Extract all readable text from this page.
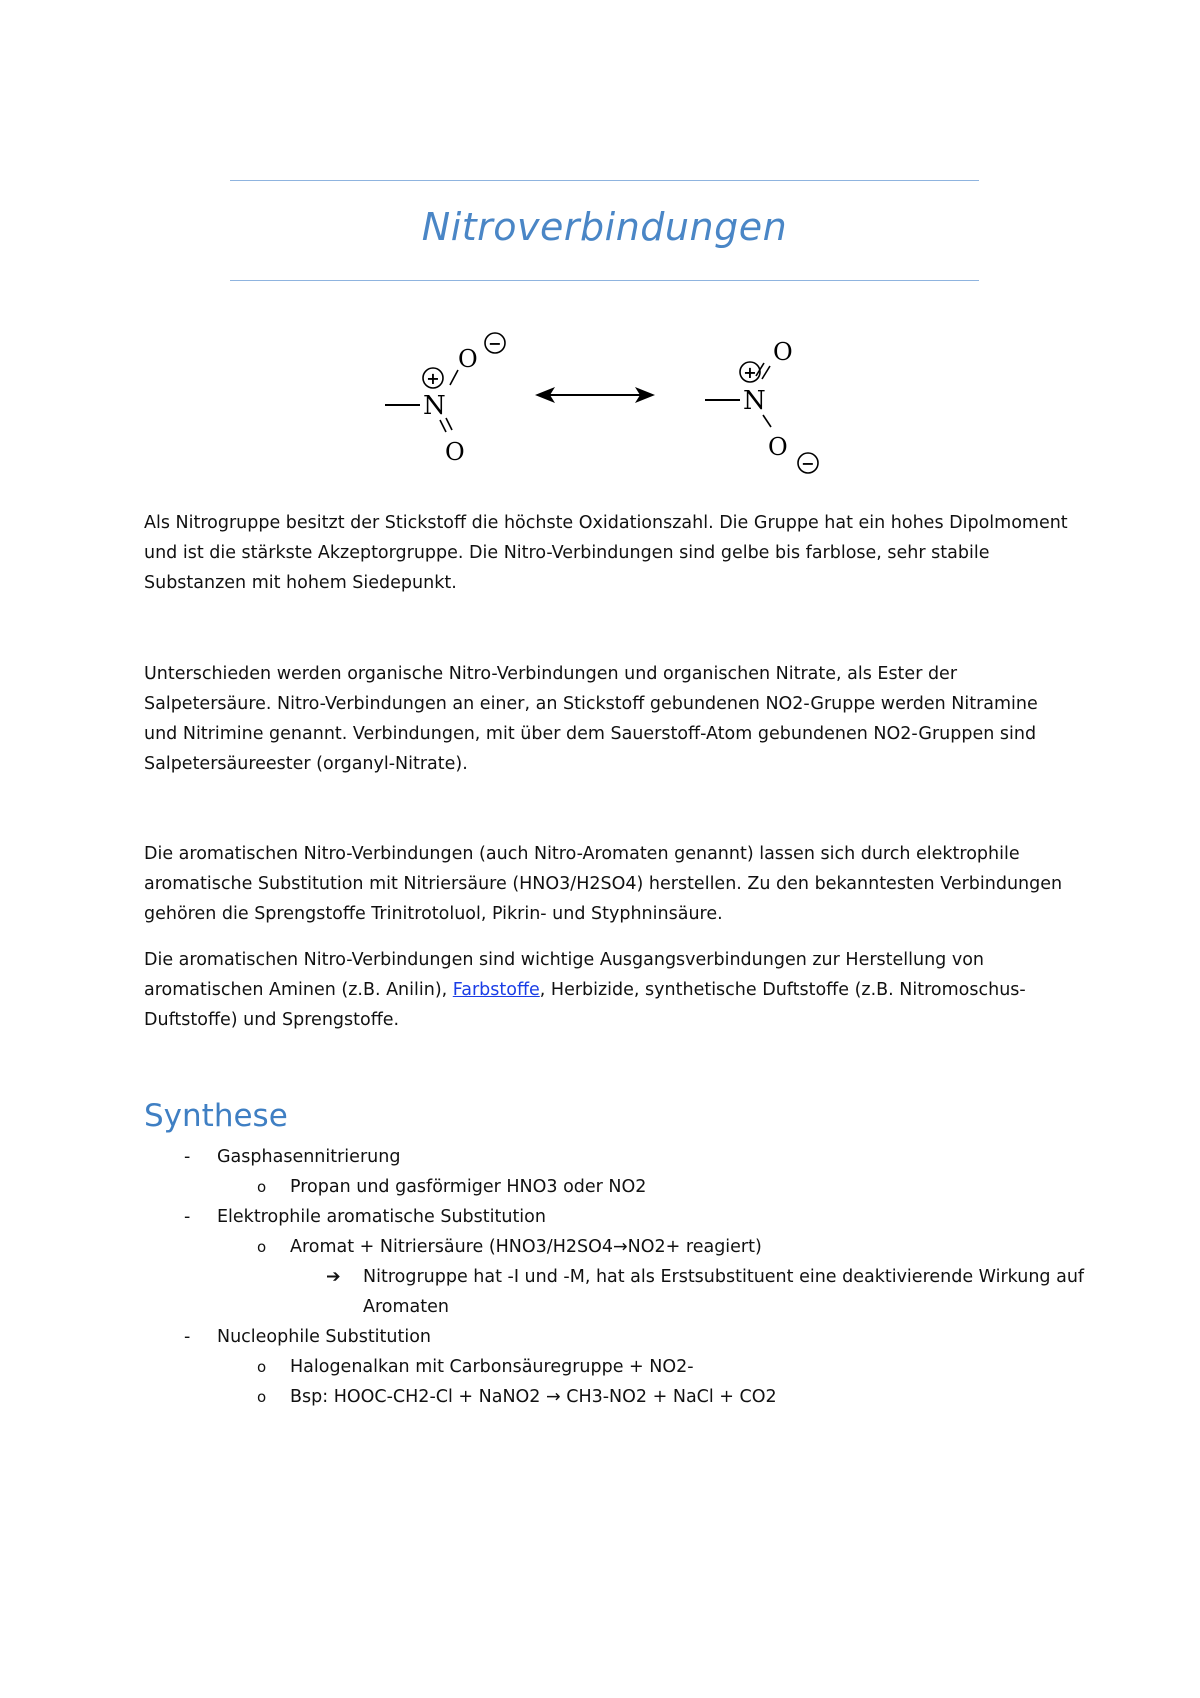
Nitroverbindungen
N
O
O
+
−
N
O
O
+
−

Als Nitrogruppe besitzt der Stickstoff die höchste Oxidationszahl. Die Gruppe hat ein hohes Dipolmoment und ist die stärkste Akzeptorgruppe. Die Nitro-Verbindungen sind gelbe bis farblose, sehr stabile Substanzen mit hohem Siedepunkt.

Unterschieden werden organische Nitro-Verbindungen und organischen Nitrate, als Ester der Salpetersäure. Nitro-Verbindungen an einer, an Stickstoff gebundenen NO2-Gruppe werden Nitramine und Nitrimine genannt. Verbindungen, mit über dem Sauerstoff-Atom gebundenen NO2-Gruppen sind Salpetersäureester (organyl-Nitrate).

Die aromatischen Nitro-Verbindungen (auch Nitro-Aromaten genannt) lassen sich durch elektrophile aromatische Substitution mit Nitriersäure (HNO3/H2SO4) herstellen. Zu den bekanntesten Verbindungen gehören die Sprengstoffe Trinitrotoluol, Pikrin- und Styphninsäure.

Die aromatischen Nitro-Verbindungen sind wichtige Ausgangsverbindungen zur Herstellung von aromatischen Aminen (z.B. Anilin), Farbstoffe, Herbizide, synthetische Duftstoffe (z.B. Nitromoschus-Duftstoffe) und Sprengstoffe.

Synthese
- Gasphasennitrierung
o Propan und gasförmiger HNO3 oder NO2
- Elektrophile aromatische Substitution
o Aromat + Nitriersäure (HNO3/H2SO4→NO2+ reagiert)
➔ Nitrogruppe hat -I und -M, hat als Erstsubstituent eine deaktivierende Wirkung auf Aromaten
- Nucleophile Substitution
o Halogenalkan mit Carbonsäuregruppe + NO2-
o Bsp: HOOC-CH2-Cl + NaNO2 → CH3-NO2 + NaCl + CO2
